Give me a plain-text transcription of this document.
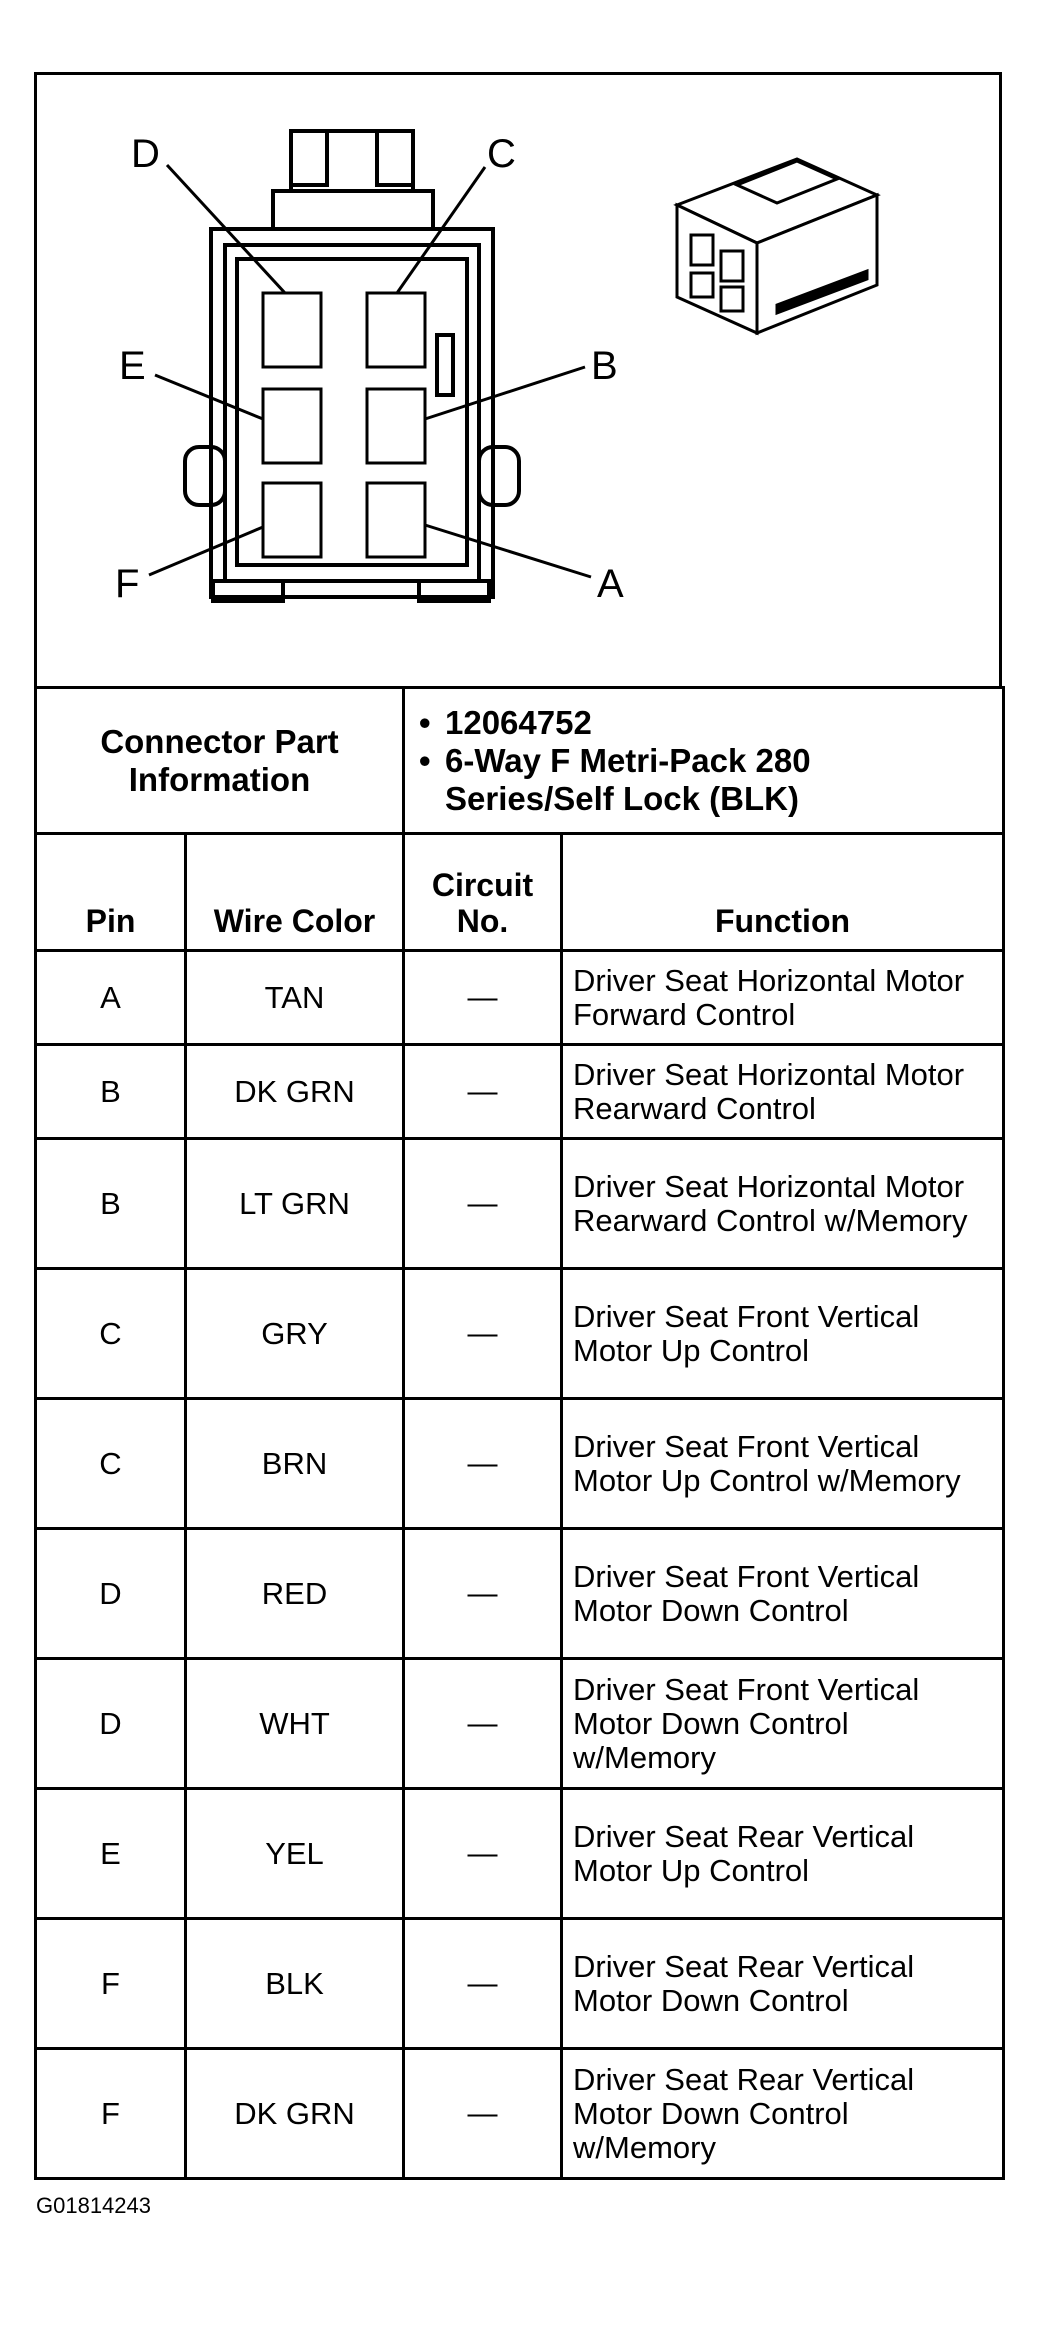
D	C
E	B
F	A
Connector Part Information	
• 12064752
• 6-Way F Metri-Pack 280 Series/Self Lock (BLK)
Pin	Wire Color	Circuit No.	Function
A	TAN	—	Driver Seat Horizontal Motor Forward Control
B	DK GRN	—	Driver Seat Horizontal Motor Rearward Control
B	LT GRN	—	Driver Seat Horizontal Motor Rearward Control w/Memory
C	GRY	—	Driver Seat Front Vertical Motor Up Control
C	BRN	—	Driver Seat Front Vertical Motor Up Control w/Memory
D	RED	—	Driver Seat Front Vertical Motor Down Control
D	WHT	—	Driver Seat Front Vertical Motor Down Control w/Memory
E	YEL	—	Driver Seat Rear Vertical Motor Up Control
F	BLK	—	Driver Seat Rear Vertical Motor Down Control
F	DK GRN	—	Driver Seat Rear Vertical Motor Down Control w/Memory
G01814243
